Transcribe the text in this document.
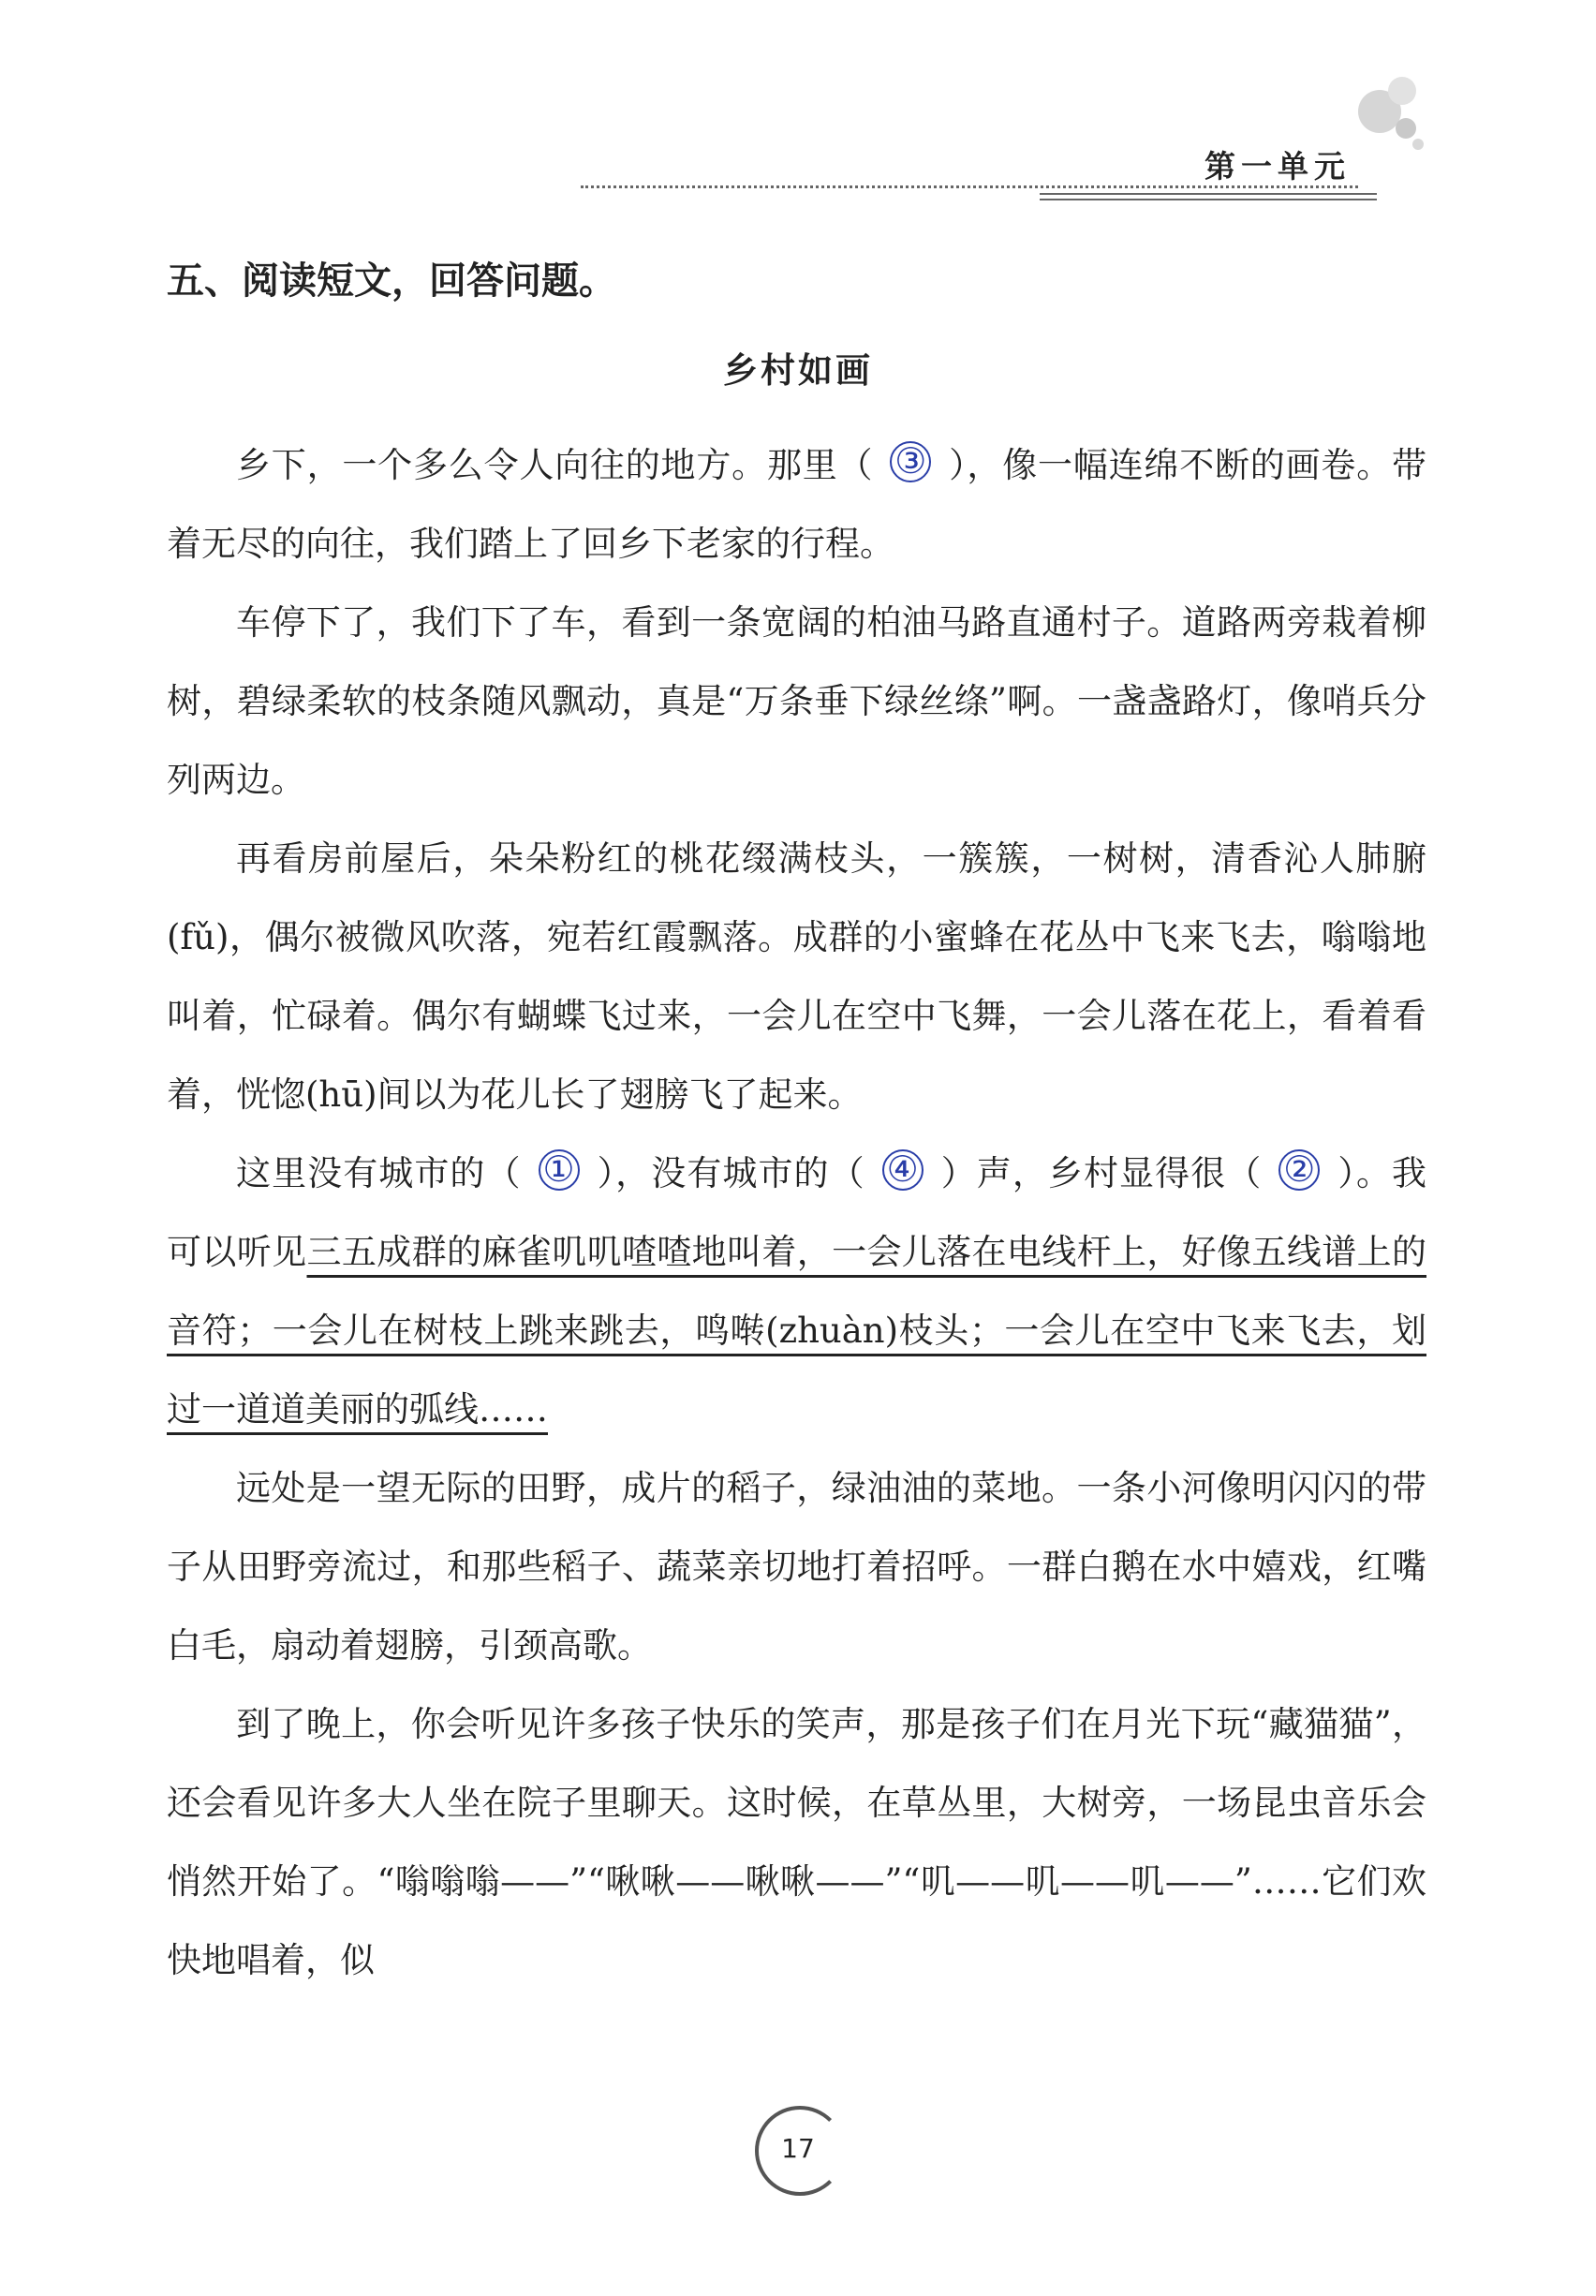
第一单元
五、阅读短文，回答问题。
乡村如画

乡下，一个多么令人向往的地方。那里（ ③ ），像一幅连绵不断的画卷。带着无尽的向往，我们踏上了回乡下老家的行程。

车停下了，我们下了车，看到一条宽阔的柏油马路直通村子。道路两旁栽着柳树，碧绿柔软的枝条随风飘动，真是“万条垂下绿丝绦”啊。一盏盏路灯，像哨兵分列两边。

再看房前屋后，朵朵粉红的桃花缀满枝头，一簇簇，一树树，清香沁人肺腑(fǔ)，偶尔被微风吹落，宛若红霞飘落。成群的小蜜蜂在花丛中飞来飞去，嗡嗡地叫着，忙碌着。偶尔有蝴蝶飞过来，一会儿在空中飞舞，一会儿落在花上，看着看着，恍惚(hū)间以为花儿长了翅膀飞了起来。

这里没有城市的（ ① ），没有城市的（ ④ ）声，乡村显得很（ ② ）。我可以听见三五成群的麻雀叽叽喳喳地叫着，一会儿落在电线杆上，好像五线谱上的音符；一会儿在树枝上跳来跳去，鸣啭(zhuàn)枝头；一会儿在空中飞来飞去，划过一道道美丽的弧线……

远处是一望无际的田野，成片的稻子，绿油油的菜地。一条小河像明闪闪的带子从田野旁流过，和那些稻子、蔬菜亲切地打着招呼。一群白鹅在水中嬉戏，红嘴白毛，扇动着翅膀，引颈高歌。

到了晚上，你会听见许多孩子快乐的笑声，那是孩子们在月光下玩“藏猫猫”，还会看见许多大人坐在院子里聊天。这时候，在草丛里，大树旁，一场昆虫音乐会悄然开始了。“嗡嗡嗡——”“啾啾——啾啾——”“叽——叽——叽——”……它们欢快地唱着，似

17
